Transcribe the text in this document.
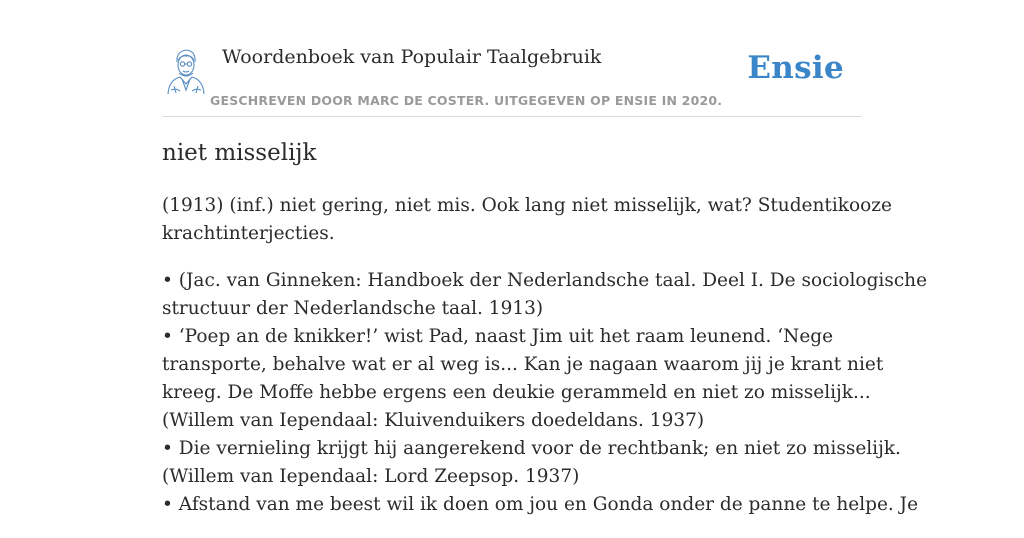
Woordenboek van Populair Taalgebruik	Ensie
GESCHREVEN DOOR MARC DE COSTER. UITGEGEVEN OP ENSIE IN 2020.
niet misselijk

(1913) (inf.) niet gering, niet mis. Ook lang niet misselijk, wat? Studentikooze
krachtinterjecties.

• (Jac. van Ginneken: Handboek der Nederlandsche taal. Deel I. De sociologische
structuur der Nederlandsche taal. 1913)
• ‘Poep an de knikker!’ wist Pad, naast Jim uit het raam leunend. ‘Nege
transporte, behalve wat er al weg is... Kan je nagaan waarom jij je krant niet
kreeg. De Moffe hebbe ergens een deukie gerammeld en niet zo misselijk...
(Willem van Iependaal: Kluivenduikers doedeldans. 1937)
• Die vernieling krijgt hij aangerekend voor de rechtbank; en niet zo misselijk.
(Willem van Iependaal: Lord Zeepsop. 1937)
• Afstand van me beest wil ik doen om jou en Gonda onder de panne te helpe. Je
